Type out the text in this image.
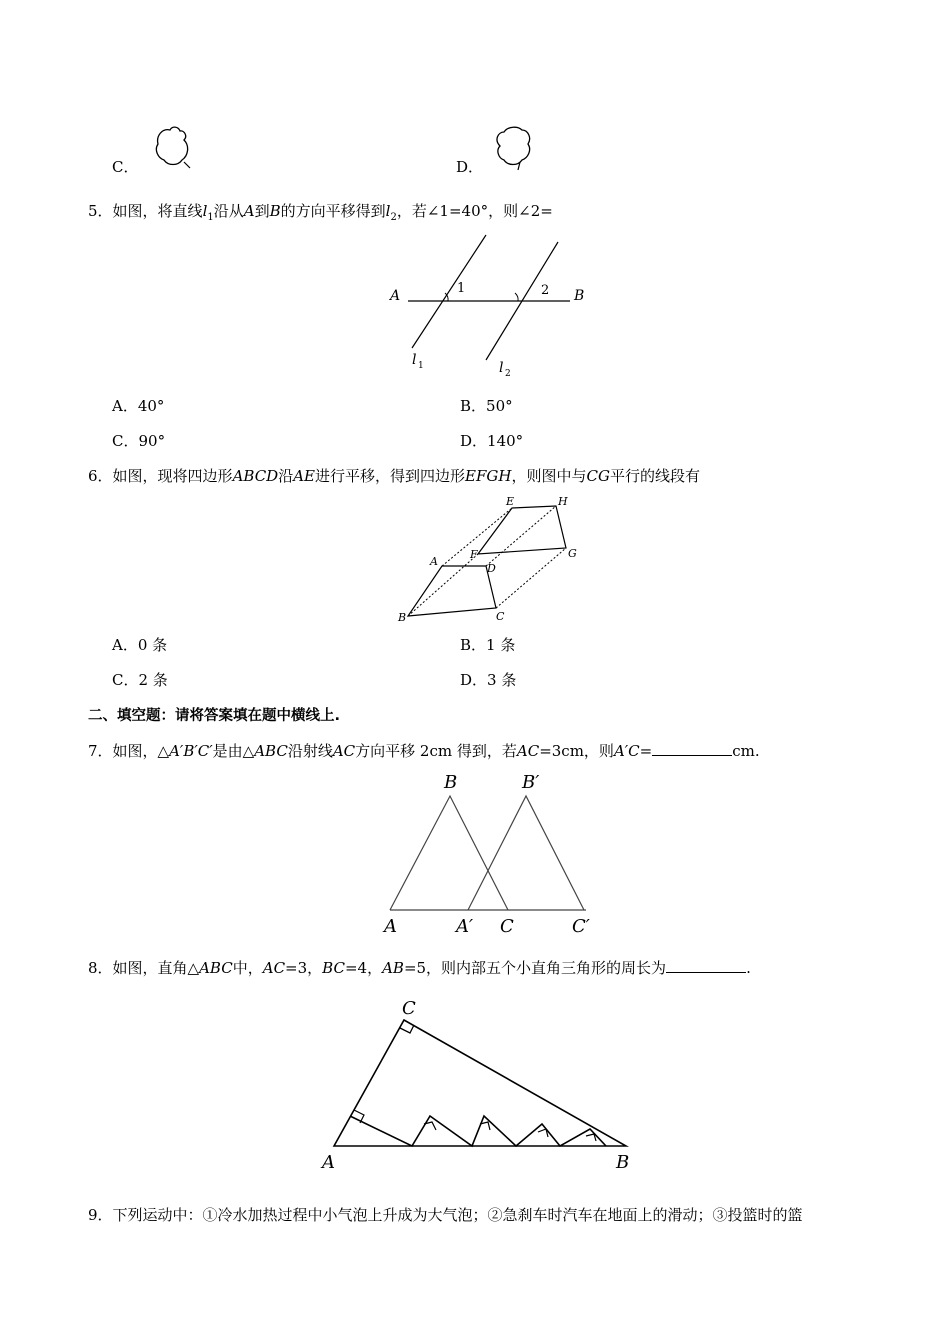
C．	D．
5．如图，将直线$l_1$沿从A到B的方向平移得到$l_2$，若∠1=40°，则∠2=
A	B
1	2
l 1	l 2
A．40°	B．50°
C．90°	D．140°
6．如图，现将四边形ABCD沿AE进行平移，得到四边形EFGH，则图中与CG平行的线段有
E	H
A
F
D
G
B	C
A．0 条	B．1 条
C．2 条	D．3 条
二、填空题：请将答案填在题中横线上.
7．如图，△A′B′C′是由△ABC沿射线AC方向平移 2cm 得到，若AC=3cm，则A′C=	cm.
B	B′
A	A′ C	C′
8．如图，直角△ABC中，AC=3，BC=4，AB=5，则内部五个小直角三角形的周长为	.
C
A	B
9．下列运动中：①冷水加热过程中小气泡上升成为大气泡；②急刹车时汽车在地面上的滑动；③投篮时的篮
